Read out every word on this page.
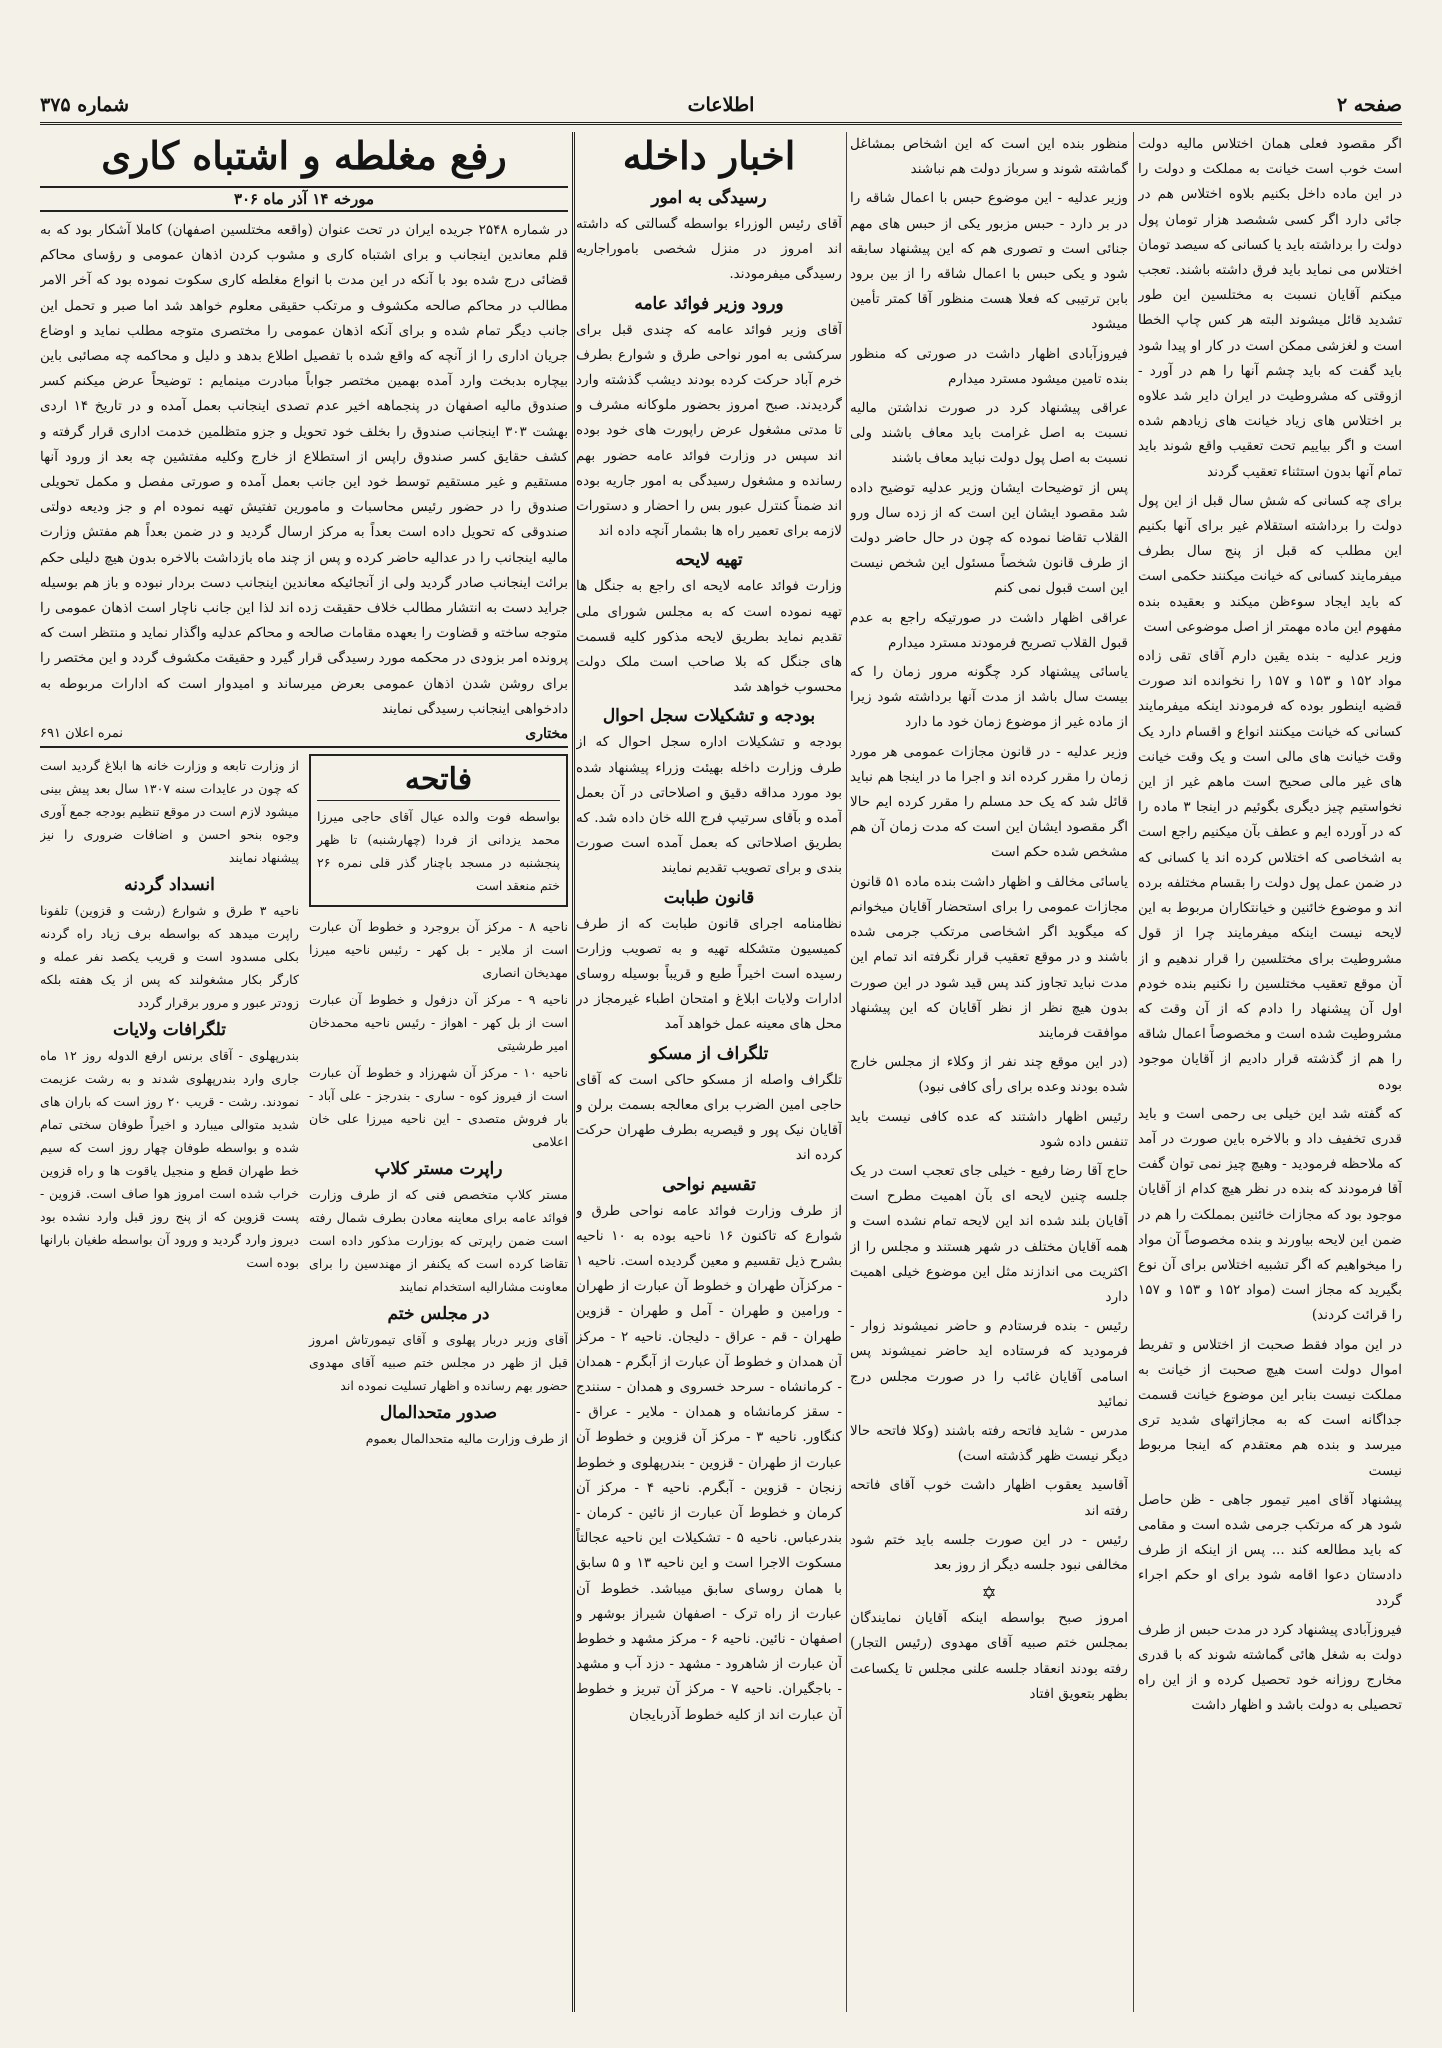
صفحه ۲
اطلاعات
شماره ۳۷۵

اگر مقصود فعلی همان اختلاس مالیه دولت است خوب است خیانت به مملکت و دولت را در این ماده داخل بکنیم بلاوه اختلاس هم در جائی دارد اگر کسی ششصد هزار تومان پول دولت را برداشته باید یا کسانی که سیصد تومان اختلاس می نماید باید فرق داشته باشند. تعجب میکنم آقایان نسبت به مختلسین این طور تشدید قائل میشوند البته هر کس چاپ الخطا است و لغزشی ممکن است در کار او پیدا شود باید گفت که باید چشم آنها را هم در آورد - ازوقتی که مشروطیت در ایران دایر شد علاوه بر اختلاس های زیاد خیانت های زیادهم شده است و اگر بیاییم تحت تعقیب واقع شوند باید تمام آنها بدون استثناء تعقیب گردند

برای چه کسانی که شش سال قبل از این پول دولت را برداشته استقلام غیر برای آنها بکنیم این مطلب که قبل از پنج سال بطرف میفرمایند کسانی که خیانت میکنند حکمی است که باید ایجاد سوءظن میکند و بعقیده بنده مفهوم این ماده مهمتر از اصل موضوعی است

وزیر عدلیه - بنده یقین دارم آقای تقی زاده مواد ۱۵۲ و ۱۵۳ و ۱۵۷ را نخوانده اند صورت قضیه اینطور بوده که فرمودند اینکه میفرمایند کسانی که خیانت میکنند انواع و اقسام دارد یک وقت خیانت های مالی است و یک وقت خیانت های غیر مالی صحیح است ماهم غیر از این نخواستیم چیز دیگری بگوئیم در اینجا ۳ ماده را که در آورده ایم و عطف بآن میکنیم راجع است به اشخاصی که اختلاس کرده اند یا کسانی که در ضمن عمل پول دولت را بقسام مختلفه برده اند و موضوع خائنین و خیانتکاران مربوط به این لایحه نیست اینکه میفرمایند چرا از قول مشروطیت برای مختلسین را قرار ندهیم و از آن موقع تعقیب مختلسین را نکنیم بنده خودم اول آن پیشنهاد را دادم که از آن وقت که مشروطیت شده است و مخصوصاً اعمال شاقه را هم از گذشته قرار دادیم از آقایان موجود بوده

که گفته شد این خیلی بی رحمی است و باید قدری تخفیف داد و بالاخره باین صورت در آمد که ملاحظه فرمودید - وهیچ چیز نمی توان گفت آقا فرمودند که بنده در نظر هیچ کدام از آقایان موجود بود که مجازات خائنین بمملکت را هم در ضمن این لایحه بیاورند و بنده مخصوصاً آن مواد را میخواهیم که اگر تشبیه اختلاس برای آن نوع بگیرید که مجاز است (مواد ۱۵۲ و ۱۵۳ و ۱۵۷ را قرائت کردند)

در این مواد فقط صحبت از اختلاس و تفریط اموال دولت است هیچ صحبت از خیانت به مملکت نیست بنابر این موضوع خیانت قسمت جداگانه است که به مجازاتهای شدید تری میرسد و بنده هم معتقدم که اینجا مربوط نیست

پیشنهاد آقای امیر تیمور جاهی - ظن حاصل شود هر که مرتکب جرمی شده است و مقامی که باید مطالعه کند ... پس از اینکه از طرف دادستان دعوا اقامه شود برای او حکم اجراء گردد

فیروزآبادی پیشنهاد کرد در مدت حبس از طرف دولت به شغل هائی گماشته شوند که با قدری مخارج روزانه خود تحصیل کرده و از این راه تحصیلی به دولت باشد و اظهار داشت

منظور بنده این است که این اشخاص بمشاغل گماشته شوند و سرباز دولت هم نباشند

وزیر عدلیه - این موضوع حبس با اعمال شاقه را در بر دارد - حبس مزبور یکی از حبس های مهم جنائی است و تصوری هم که این پیشنهاد سابقه شود و یکی حبس با اعمال شاقه را از بین برود بابن ترتیبی که فعلا هست منظور آقا کمتر تأمین میشود

فیروزآبادی اظهار داشت در صورتی که منظور بنده تامین میشود مسترد میدارم

عراقی پیشنهاد کرد در صورت نداشتن مالیه نسبت به اصل غرامت باید معاف باشند ولی نسبت به اصل پول دولت نباید معاف باشند

پس از توضیحات ایشان وزیر عدلیه توضیح داده شد مقصود ایشان این است که از زده سال ورو القلاب تقاضا نموده که چون در حال حاضر دولت از طرف قانون شخصاً مسئول این شخص نیست این است قبول نمی کنم

عراقی اظهار داشت در صورتیکه راجع به عدم قبول القلاب تصریح فرمودند مسترد میدارم

یاسائی پیشنهاد کرد چگونه مرور زمان را که بیست سال باشد از مدت آنها برداشته شود زیرا از ماده غیر از موضوع زمان خود ما دارد

وزیر عدلیه - در قانون مجازات عمومی هر مورد زمان را مقرر کرده اند و اجرا ما در اینجا هم نباید قائل شد که یک حد مسلم را مقرر کرده ایم حالا اگر مقصود ایشان این است که مدت زمان آن هم مشخص شده حکم است

یاسائی مخالف و اظهار داشت بنده ماده ۵۱ قانون مجازات عمومی را برای استحضار آقایان میخوانم که میگوید اگر اشخاصی مرتکب جرمی شده باشند و در موقع تعقیب قرار نگرفته اند تمام این مدت نباید تجاوز کند پس قید شود در این صورت بدون هیچ نظر از نظر آقایان که این پیشنهاد موافقت فرمایند

(در این موقع چند نفر از وکلاء از مجلس خارج شده بودند وعده برای رأی کافی نبود)

رئیس اظهار داشتند که عده کافی نیست باید تنفس داده شود

حاج آقا رضا رفیع - خیلی جای تعجب است در یک جلسه چنین لایحه ای بآن اهمیت مطرح است آقایان بلند شده اند این لایحه تمام نشده است و همه آقایان مختلف در شهر هستند و مجلس را از اکثریت می اندازند مثل این موضوع خیلی اهمیت دارد

رئیس - بنده فرستادم و حاضر نمیشوند زوار - فرمودید که فرستاده اید حاضر نمیشوند پس اسامی آقایان غائب را در صورت مجلس درج نمائید

مدرس - شاید فاتحه رفته باشند (وکلا فاتحه حالا دیگر نیست ظهر گذشته است)

آقاسید یعقوب اظهار داشت خوب آقای فاتحه رفته اند

رئیس - در این صورت جلسه باید ختم شود مخالفی نبود جلسه دیگر از روز بعد

✡

امروز صبح بواسطه اینکه آقایان نمایندگان بمجلس ختم صبیه آقای مهدوی (رئیس التجار) رفته بودند انعقاد جلسه علنی مجلس تا یکساعت بظهر بتعویق افتاد

اخبار داخله
رسیدگی به امور

آقای رئیس الوزراء بواسطه گسالتی که داشته اند امروز در منزل شخصی باموراجاریه رسیدگی میفرمودند.

ورود وزیر فوائد عامه

آقای وزیر فوائد عامه که چندی قبل برای سرکشی به امور نواحی طرق و شوارع بطرف خرم آباد حرکت کرده بودند دیشب گذشته وارد گردیدند. صبح امروز بحضور ملوکانه مشرف و تا مدتی مشغول عرض راپورت های خود بوده اند سپس در وزارت فوائد عامه حضور بهم رسانده و مشغول رسیدگی به امور جاریه بوده اند ضمناً کنترل عبور بس را احضار و دستورات لازمه برای تعمیر راه ها بشمار آنچه داده اند

تهیه لایحه

وزارت فوائد عامه لایحه ای راجع به جنگل ها تهیه نموده است که به مجلس شورای ملی تقدیم نماید بطریق لایحه مذکور کلیه قسمت های جنگل که بلا صاحب است ملک دولت محسوب خواهد شد

بودجه و تشکیلات سجل احوال

بودجه و تشکیلات اداره سجل احوال که از طرف وزارت داخله بهیئت وزراء پیشنهاد شده بود مورد مداقه دقیق و اصلاحاتی در آن بعمل آمده و بآقای سرتیپ فرج الله خان داده شد. که بطریق اصلاحاتی که بعمل آمده است صورت بندی و برای تصویب تقدیم نمایند

قانون طبابت

نظامنامه اجرای قانون طبابت که از طرف کمیسیون متشکله تهیه و به تصویب وزارت رسیده است اخیراً طبع و قریباً بوسیله روسای ادارات ولایات ابلاغ و امتحان اطباء غیرمجاز در محل های معینه عمل خواهد آمد

تلگراف از مسکو

تلگراف واصله از مسکو حاکی است که آقای حاجی امین الضرب برای معالجه بسمت برلن و آقایان نیک پور و قیصریه بطرف طهران حرکت کرده اند

تقسیم نواحی

از طرف وزارت فوائد عامه نواحی طرق و شوارع که تاکنون ۱۶ ناحیه بوده به ۱۰ ناحیه بشرح ذیل تقسیم و معین گردیده است. ناحیه ۱ - مرکزآن طهران و خطوط آن عبارت از طهران - ورامین و طهران - آمل و طهران - قزوین طهران - قم - عراق - دلیجان. ناحیه ۲ - مرکز آن همدان و خطوط آن عبارت از آبگرم - همدان - کرمانشاه - سرحد خسروی و همدان - سنندج - سقز کرمانشاه و همدان - ملایر - عراق - کنگاور. ناحیه ۳ - مرکز آن قزوین و خطوط آن عبارت از طهران - قزوین - بندرپهلوی و خطوط زنجان - قزوین - آبگرم. ناحیه ۴ - مرکز آن کرمان و خطوط آن عبارت از نائین - کرمان - بندرعباس. ناحیه ۵ - تشکیلات این ناحیه عجالتاً مسکوت الاجرا است و این ناحیه ۱۳ و ۵ سابق با همان روسای سابق میباشد. خطوط آن عبارت از راه ترک - اصفهان شیراز بوشهر و اصفهان - نائین. ناحیه ۶ - مرکز مشهد و خطوط آن عبارت از شاهرود - مشهد - دزد آب و مشهد - باجگیران. ناحیه ۷ - مرکز آن تبریز و خطوط آن عبارت اند از کلیه خطوط آذربایجان

رفع مغلطه و اشتباه کاری
مورخه ۱۴ آذر ماه ۳۰۶

در شماره ۲۵۴۸ جریده ایران در تحت عنوان (واقعه مختلسین اصفهان) کاملا آشکار بود که به قلم معاندین اینجانب و برای اشتباه کاری و مشوب کردن اذهان عمومی و رؤسای محاکم قضائی درج شده بود با آنکه در این مدت با انواع مغلطه کاری سکوت نموده بود که آخر الامر مطالب در محاکم صالحه مکشوف و مرتکب حقیقی معلوم خواهد شد اما صبر و تحمل این جانب دیگر تمام شده و برای آنکه اذهان عمومی را مختصری متوجه مطلب نماید و اوضاع جریان اداری را از آنچه که واقع شده با تفصیل اطلاع بدهد و دلیل و محاکمه چه مصائبی باین بیچاره بدبخت وارد آمده بهمین مختصر جواباً مبادرت مینمایم : توضیحاً عرض میکنم کسر صندوق مالیه اصفهان در پنجماهه اخیر عدم تصدی اینجانب بعمل آمده و در تاریخ ۱۴ اردی بهشت ۳۰۳ اینجانب صندوق را بخلف خود تحویل و جزو متظلمین خدمت اداری قرار گرفته و کشف حقایق کسر صندوق راپس از استطلاع از خارج وکلیه مفتشین چه بعد از ورود آنها مستقیم و غیر مستقیم توسط خود این جانب بعمل آمده و صورتی مفصل و مکمل تحویلی صندوق را در حضور رئیس محاسبات و مامورین تفتیش تهیه نموده ام و جز ودیعه دولتی صندوقی که تحویل داده است بعداً به مرکز ارسال گردید و در ضمن بعداً هم مفتش وزارت مالیه اینجانب را در عدالیه حاضر کرده و پس از چند ماه بازداشت بالاخره بدون هیچ دلیلی حکم برائت اینجانب صادر گردید ولی از آنجائیکه معاندین اینجانب دست بردار نبوده و باز هم بوسیله جراید دست به انتشار مطالب خلاف حقیقت زده اند لذا این جانب ناچار است اذهان عمومی را متوجه ساخته و قضاوت را بعهده مقامات صالحه و محاکم عدلیه واگذار نماید و منتظر است که پرونده امر بزودی در محکمه مورد رسیدگی قرار گیرد و حقیقت مکشوف گردد و این مختصر را برای روشن شدن اذهان عمومی بعرض میرساند و امیدوار است که ادارات مربوطه به دادخواهی اینجانب رسیدگی نمایند

مختاری
نمره اعلان ۶۹۱
فاتحه

بواسطه فوت والده عیال آقای حاجی میرزا محمد یزدانی از فردا (چهارشنبه) تا ظهر پنجشنبه در مسجد باچنار گذر قلی نمره ۲۶ ختم منعقد است

ناحیه ۸ - مرکز آن بروجرد و خطوط آن عبارت است از ملایر - بل کهر - رئیس ناحیه میرزا مهدیخان انصاری

ناحیه ۹ - مرکز آن دزفول و خطوط آن عبارت است از بل کهر - اهواز - رئیس ناحیه محمدخان امیر طرشیتی

ناحیه ۱۰ - مرکز آن شهرزاد و خطوط آن عبارت است از فیروز کوه - ساری - بندرجز - علی آباد - بار فروش متصدی - این ناحیه میرزا علی خان اعلامی

راپرت مستر کلاپ

مستر کلاپ متخصص فنی که از طرف وزارت فوائد عامه برای معاینه معادن بطرف شمال رفته است ضمن راپرتی که بوزارت مذکور داده است تقاضا کرده است که یکنفر از مهندسین را برای معاونت مشارالیه استخدام نمایند

در مجلس ختم

آقای وزیر دربار پهلوی و آقای تیمورتاش امروز قبل از ظهر در مجلس ختم صبیه آقای مهدوی حضور بهم رسانده و اظهار تسلیت نموده اند

صدور متحدالمال

از طرف وزارت مالیه متحدالمال بعموم

از وزارت تابعه و وزارت خانه ها ابلاغ گردید است که چون در عایدات سنه ۱۳۰۷ سال بعد پیش بینی میشود لازم است در موقع تنظیم بودجه جمع آوری وجوه بنحو احسن و اضافات ضروری را نیز پیشنهاد نمایند

انسداد گردنه

ناحیه ۳ طرق و شوارع (رشت و قزوین) تلفونا راپرت میدهد که بواسطه برف زیاد راه گردنه بکلی مسدود است و قریب یکصد نفر عمله و کارگر بکار مشغولند که پس از یک هفته بلکه زودتر عبور و مرور برقرار گردد

تلگرافات ولایات

بندرپهلوی - آقای برنس ارفع الدوله روز ۱۲ ماه جاری وارد بندرپهلوی شدند و به رشت عزیمت نمودند. رشت - قریب ۲۰ روز است که باران های شدید متوالی میبارد و اخیراً طوفان سختی تمام شده و بواسطه طوفان چهار روز است که سیم خط طهران قطع و منجیل یاقوت ها و راه قزوین خراب شده است امروز هوا صاف است. قزوین - پست قزوین که از پنج روز قبل وارد نشده بود دیروز وارد گردید و ورود آن بواسطه طغیان بارانها بوده است
